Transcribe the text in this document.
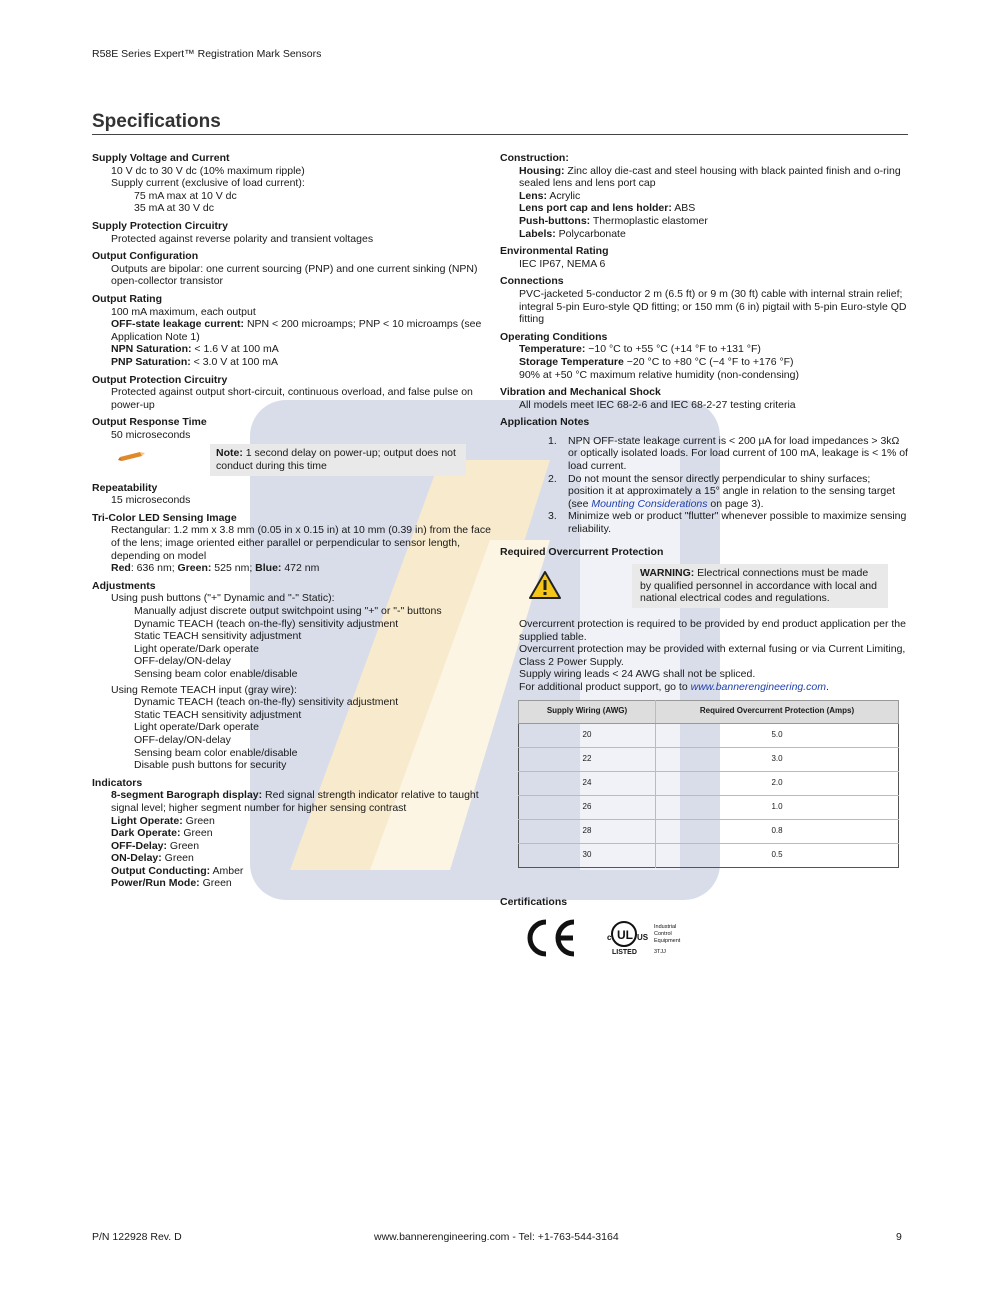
R58E Series Expert™ Registration Mark Sensors
Specifications
Supply Voltage and Current
10 V dc to 30 V dc (10% maximum ripple)
Supply current (exclusive of load current):
75 mA max at 10 V dc
35 mA at 30 V dc
Supply Protection Circuitry
Protected against reverse polarity and transient voltages
Output Configuration
Outputs are bipolar: one current sourcing (PNP) and one current sinking (NPN) open-collector transistor
Output Rating
100 mA maximum, each output
OFF-state leakage current: NPN < 200 microamps; PNP < 10 microamps (see Application Note 1)
NPN Saturation: < 1.6 V at 100 mA
PNP Saturation: < 3.0 V at 100 mA
Output Protection Circuitry
Protected against output short-circuit, continuous overload, and false pulse on power-up
Output Response Time
50 microseconds
Note: 1 second delay on power-up; output does not conduct during this time
Repeatability
15 microseconds
Tri-Color LED Sensing Image
Rectangular: 1.2 mm x 3.8 mm (0.05 in x 0.15 in) at 10 mm (0.39 in) from the face of the lens; image oriented either parallel or perpendicular to sensor length, depending on model
Red: 636 nm; Green: 525 nm; Blue: 472 nm
Adjustments
Using push buttons ("+" Dynamic and "-" Static):
Manually adjust discrete output switchpoint using "+" or "-" buttons
Dynamic TEACH (teach on-the-fly) sensitivity adjustment
Static TEACH sensitivity adjustment
Light operate/Dark operate
OFF-delay/ON-delay
Sensing beam color enable/disable
Using Remote TEACH input (gray wire):
Dynamic TEACH (teach on-the-fly) sensitivity adjustment
Static TEACH sensitivity adjustment
Light operate/Dark operate
OFF-delay/ON-delay
Sensing beam color enable/disable
Disable push buttons for security
Indicators
8-segment Barograph display: Red signal strength indicator relative to taught signal level; higher segment number for higher sensing contrast
Light Operate: Green
Dark Operate: Green
OFF-Delay: Green
ON-Delay: Green
Output Conducting: Amber
Power/Run Mode: Green
Construction:
Housing: Zinc alloy die-cast and steel housing with black painted finish and o-ring sealed lens and lens port cap
Lens: Acrylic
Lens port cap and lens holder: ABS
Push-buttons: Thermoplastic elastomer
Labels: Polycarbonate
Environmental Rating
IEC IP67, NEMA 6
Connections
PVC-jacketed 5-conductor 2 m (6.5 ft) or 9 m (30 ft) cable with internal strain relief; integral 5-pin Euro-style QD fitting; or 150 mm (6 in) pigtail with 5-pin Euro-style QD fitting
Operating Conditions
Temperature: −10 °C to +55 °C (+14 °F to +131 °F)
Storage Temperature −20 °C to +80 °C (−4 °F to +176 °F)
90% at +50 °C maximum relative humidity (non-condensing)
Vibration and Mechanical Shock
All models meet IEC 68-2-6 and IEC 68-2-27 testing criteria
Application Notes
1.	NPN OFF-state leakage current is < 200 µA for load impedances > 3kΩ or optically isolated loads. For load current of 100 mA, leakage is < 1% of load current.
2.	Do not mount the sensor directly perpendicular to shiny surfaces; position it at approximately a 15° angle in relation to the sensing target (see Mounting Considerations on page 3).
3.	Minimize web or product "flutter" whenever possible to maximize sensing reliability.
Required Overcurrent Protection
WARNING: Electrical connections must be made by qualified personnel in accordance with local and national electrical codes and regulations.
Overcurrent protection is required to be provided by end product application per the supplied table.
Overcurrent protection may be provided with external fusing or via Current Limiting, Class 2 Power Supply.
Supply wiring leads < 24 AWG shall not be spliced.
For additional product support, go to www.bannerengineering.com.
Supply Wiring (AWG)	Required Overcurrent Protection (Amps)
20	5.0
22	3.0
24	2.0
26	1.0
28	0.8
30	0.5
Certifications
UL
c	US
LISTED
Industrial
Control
Equipment
3TJJ
P/N 122928 Rev. D	www.bannerengineering.com - Tel: +1-763-544-3164	9
